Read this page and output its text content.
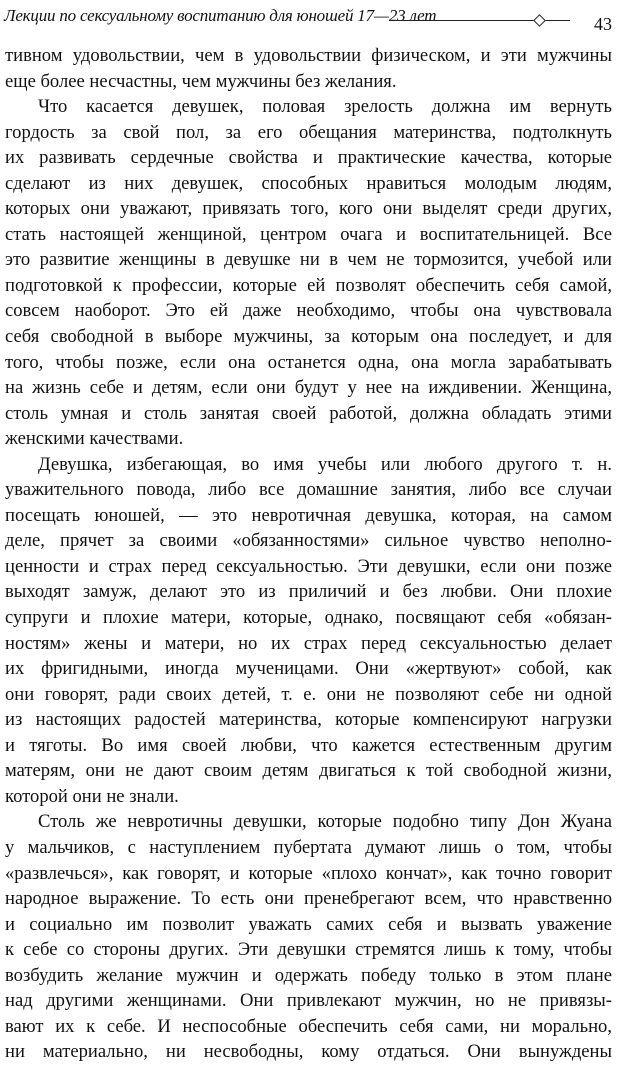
Лекции по сексуальному воспитанию для юношей 17—23 лет	43
тивном удовольствии, чем в удовольствии физическом, и эти мужчины
еще более несчастны, чем мужчины без желания.
Что касается девушек, половая зрелость должна им вернуть
гордость за свой пол, за его обещания материнства, подтолкнуть
их развивать сердечные свойства и практические качества, которые
сделают из них девушек, способных нравиться молодым людям,
которых они уважают, привязать того, кого они выделят среди других,
стать настоящей женщиной, центром очага и воспитательницей. Все
это развитие женщины в девушке ни в чем не тормозится, учебой или
подготовкой к профессии, которые ей позволят обеспечить себя самой,
совсем наоборот. Это ей даже необходимо, чтобы она чувствовала
себя свободной в выборе мужчины, за которым она последует, и для
того, чтобы позже, если она останется одна, она могла зарабатывать
на жизнь себе и детям, если они будут у нее на иждивении. Женщина,
столь умная и столь занятая своей работой, должна обладать этими
женскими качествами.
Девушка, избегающая, во имя учебы или любого другого т. н.
уважительного повода, либо все домашние занятия, либо все случаи
посещать юношей, — это невротичная девушка, которая, на самом
деле, прячет за своими «обязанностями» сильное чувство неполно-
ценности и страх перед сексуальностью. Эти девушки, если они позже
выходят замуж, делают это из приличий и без любви. Они плохие
супруги и плохие матери, которые, однако, посвящают себя «обязан-
ностям» жены и матери, но их страх перед сексуальностью делает
их фригидными, иногда мученицами. Они «жертвуют» собой, как
они говорят, ради своих детей, т. е. они не позволяют себе ни одной
из настоящих радостей материнства, которые компенсируют нагрузки
и тяготы. Во имя своей любви, что кажется естественным другим
матерям, они не дают своим детям двигаться к той свободной жизни,
которой они не знали.
Столь же невротичны девушки, которые подобно типу Дон Жуана
у мальчиков, с наступлением пубертата думают лишь о том, чтобы
«развлечься», как говорят, и которые «плохо кончат», как точно говорит
народное выражение. То есть они пренебрегают всем, что нравственно
и социально им позволит уважать самих себя и вызвать уважение
к себе со стороны других. Эти девушки стремятся лишь к тому, чтобы
возбудить желание мужчин и одержать победу только в этом плане
над другими женщинами. Они привлекают мужчин, но не привязы-
вают их к себе. И неспособные обеспечить себя сами, ни морально,
ни материально, ни несвободны, кому отдаться. Они вынуждены
